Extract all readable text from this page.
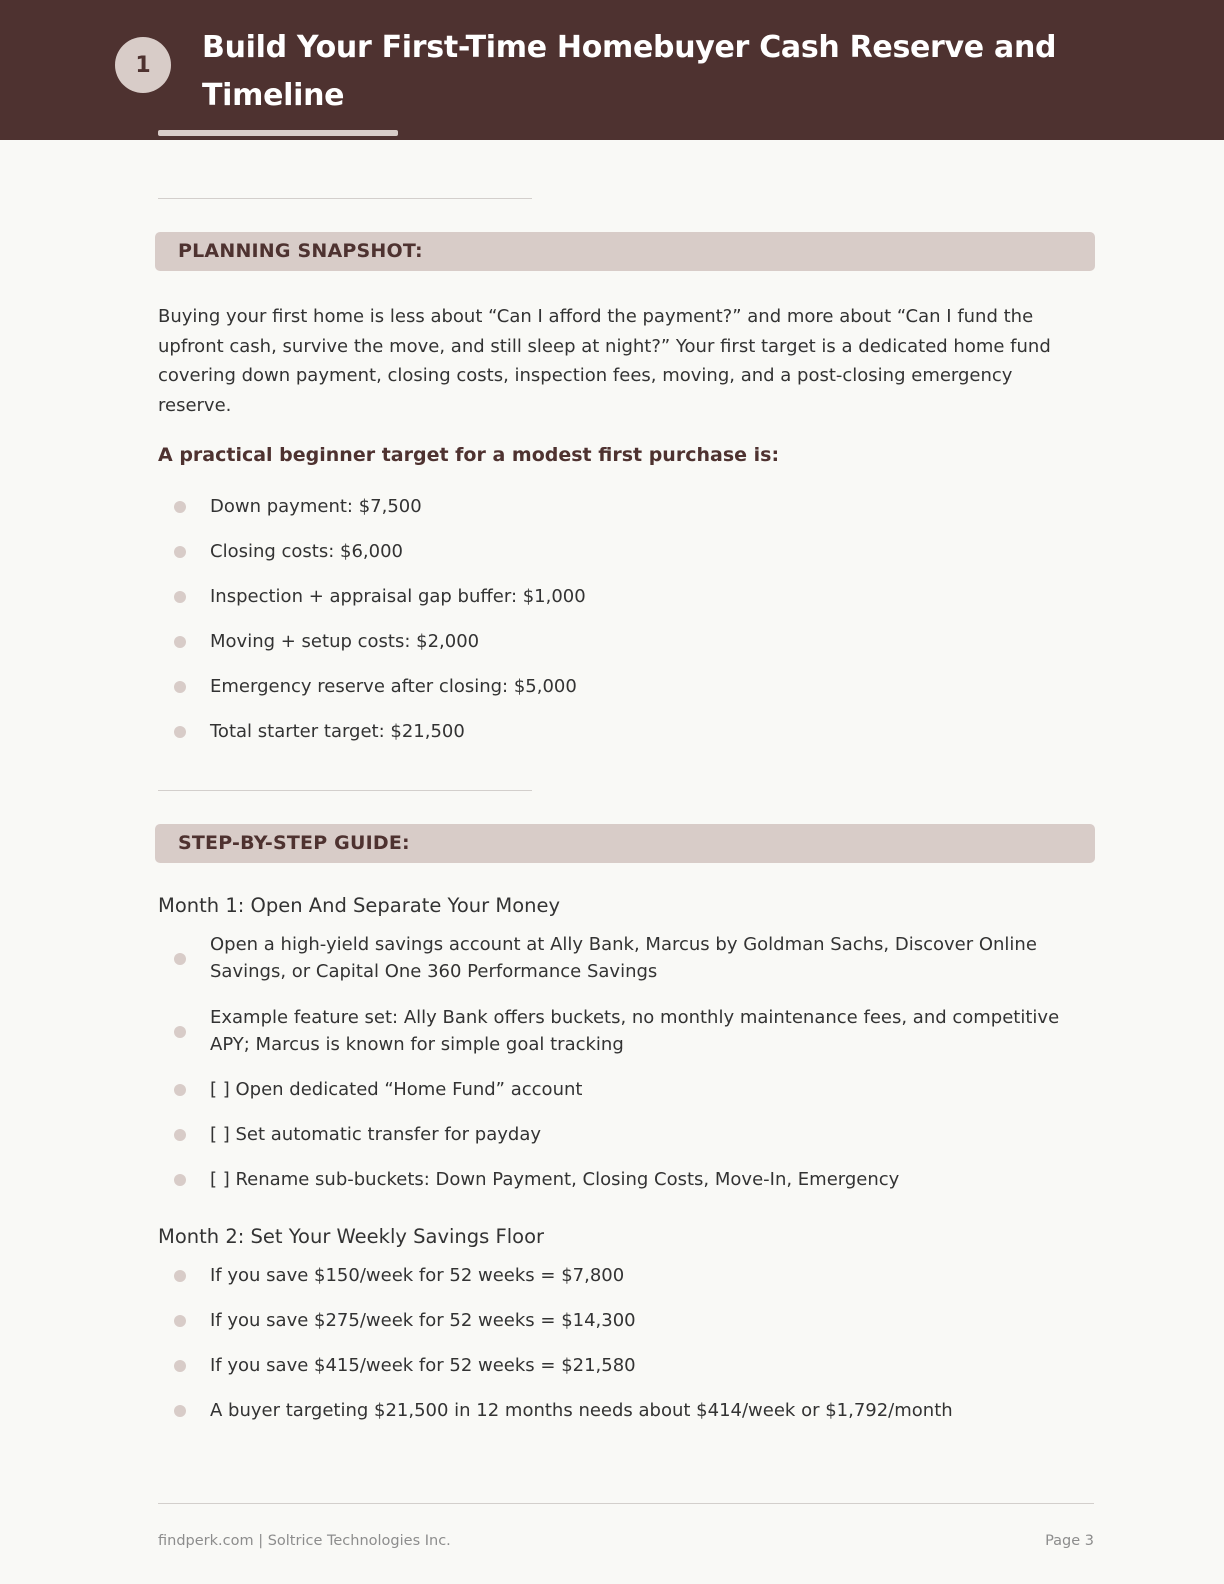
1	Build Your First-Time Homebuyer Cash Reserve and Timeline
PLANNING SNAPSHOT:

Buying your first home is less about “Can I afford the payment?” and more about “Can I fund the upfront cash, survive the move, and still sleep at night?” Your first target is a dedicated home fund covering down payment, closing costs, inspection fees, moving, and a post-closing emergency reserve.

A practical beginner target for a modest first purchase is:
Down payment: $7,500
Closing costs: $6,000
Inspection + appraisal gap buffer: $1,000
Moving + setup costs: $2,000
Emergency reserve after closing: $5,000
Total starter target: $21,500
STEP-BY-STEP GUIDE:
Month 1: Open And Separate Your Money
Open a high-yield savings account at Ally Bank, Marcus by Goldman Sachs, Discover Online Savings, or Capital One 360 Performance Savings
Example feature set: Ally Bank offers buckets, no monthly maintenance fees, and competitive APY; Marcus is known for simple goal tracking
[ ] Open dedicated “Home Fund” account
[ ] Set automatic transfer for payday
[ ] Rename sub-buckets: Down Payment, Closing Costs, Move-In, Emergency
Month 2: Set Your Weekly Savings Floor
If you save $150/week for 52 weeks = $7,800
If you save $275/week for 52 weeks = $14,300
If you save $415/week for 52 weeks = $21,580
A buyer targeting $21,500 in 12 months needs about $414/week or $1,792/month
findperk.com | Soltrice Technologies Inc.	Page 3
